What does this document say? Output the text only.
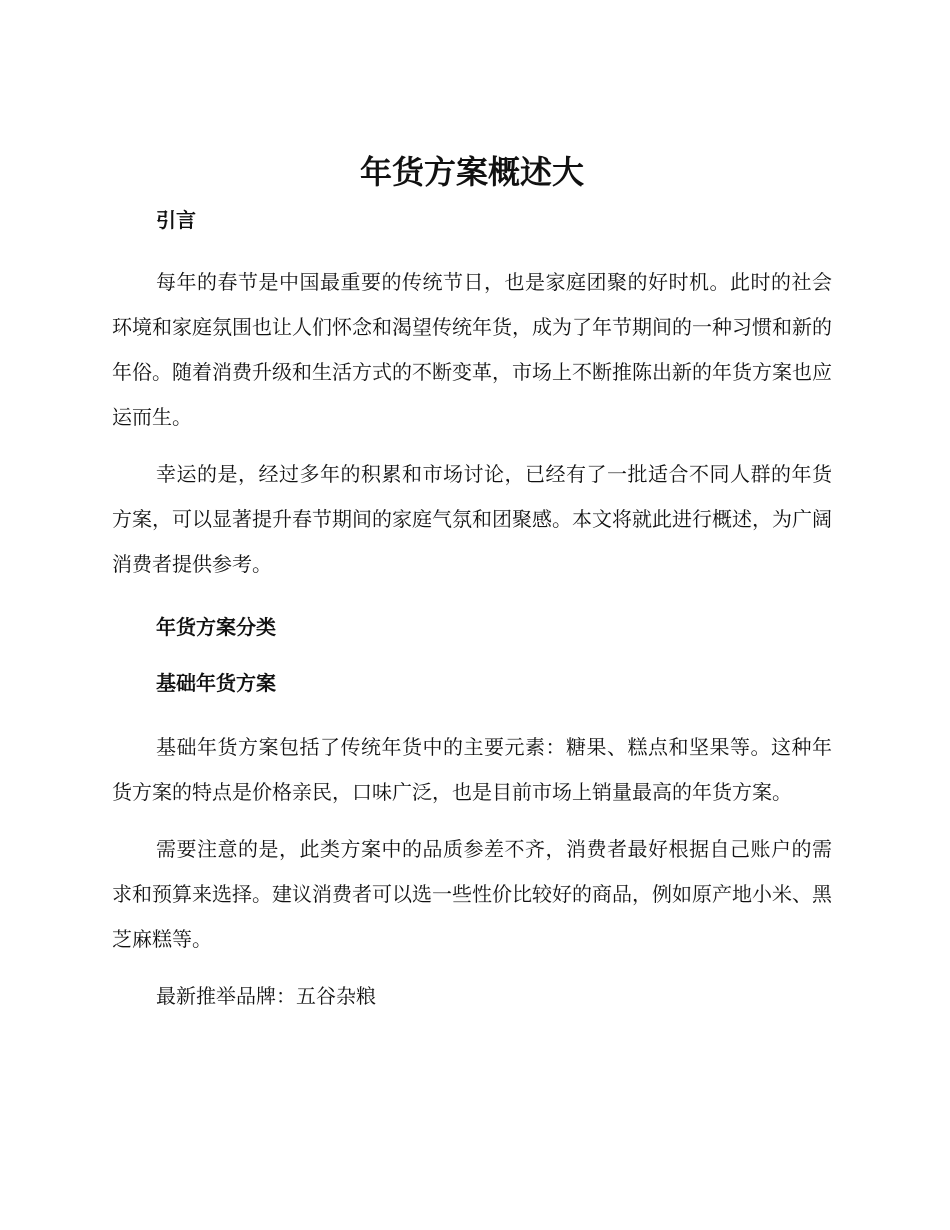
年货方案概述大

引言

每年的春节是中国最重要的传统节日，也是家庭团聚的好时机。此时的社会环境和家庭氛围也让人们怀念和渴望传统年货，成为了年节期间的一种习惯和新的年俗。随着消费升级和生活方式的不断变革，市场上不断推陈出新的年货方案也应运而生。

幸运的是，经过多年的积累和市场讨论，已经有了一批适合不同人群的年货方案，可以显著提升春节期间的家庭气氛和团聚感。本文将就此进行概述，为广阔消费者提供参考。

年货方案分类

基础年货方案

基础年货方案包括了传统年货中的主要元素：糖果、糕点和坚果等。这种年货方案的特点是价格亲民，口味广泛，也是目前市场上销量最高的年货方案。

需要注意的是，此类方案中的品质参差不齐，消费者最好根据自己账户的需求和预算来选择。建议消费者可以选一些性价比较好的商品，例如原产地小米、黑芝麻糕等。

最新推举品牌：五谷杂粮
